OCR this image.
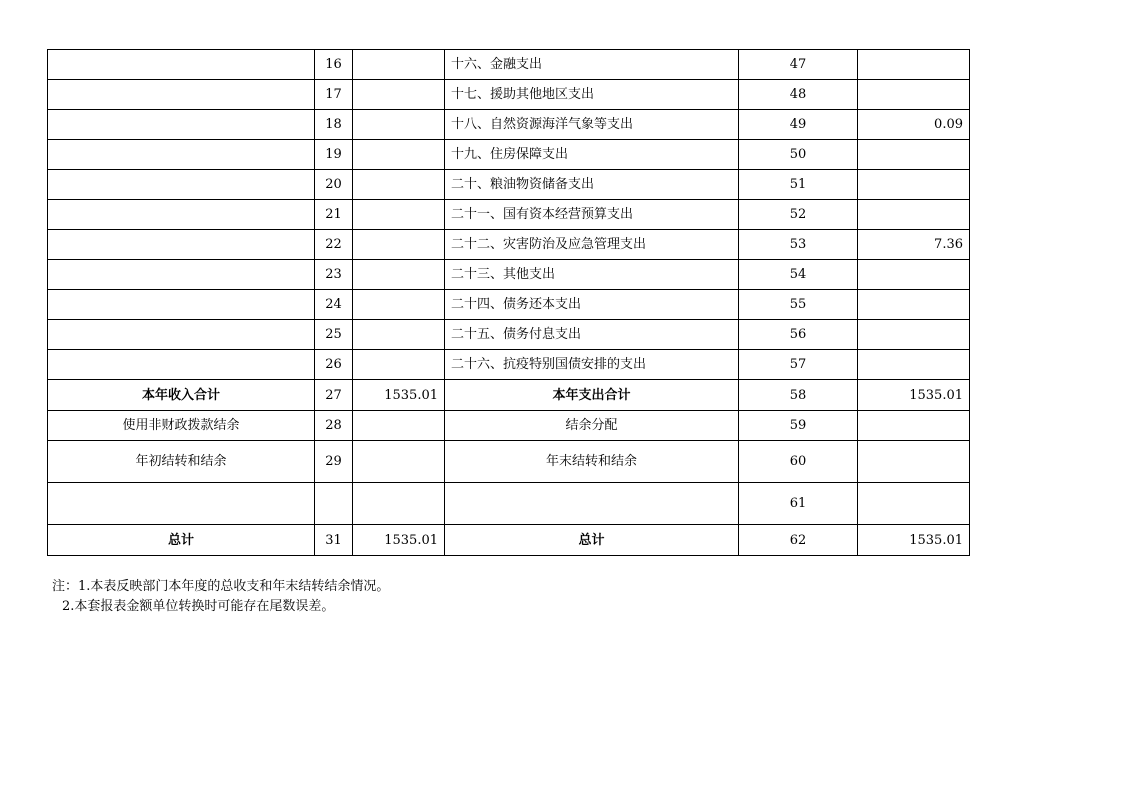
	16		十六、金融支出	47	
	17		十七、援助其他地区支出	48	
	18		十八、自然资源海洋气象等支出	49	0.09
	19		十九、住房保障支出	50	
	20		二十、粮油物资储备支出	51	
	21		二十一、国有资本经营预算支出	52	
	22		二十二、灾害防治及应急管理支出	53	7.36
	23		二十三、其他支出	54	
	24		二十四、债务还本支出	55	
	25		二十五、债务付息支出	56	
	26		二十六、抗疫特别国债安排的支出	57	
本年收入合计	27	1535.01	本年支出合计	58	1535.01
使用非财政拨款结余	28		结余分配	59	
年初结转和结余	29		年末结转和结余	60	
				61	
总计	31	1535.01	总计	62	1535.01
注：1.本表反映部门本年度的总收支和年末结转结余情况。
2.本套报表金额单位转换时可能存在尾数误差。
